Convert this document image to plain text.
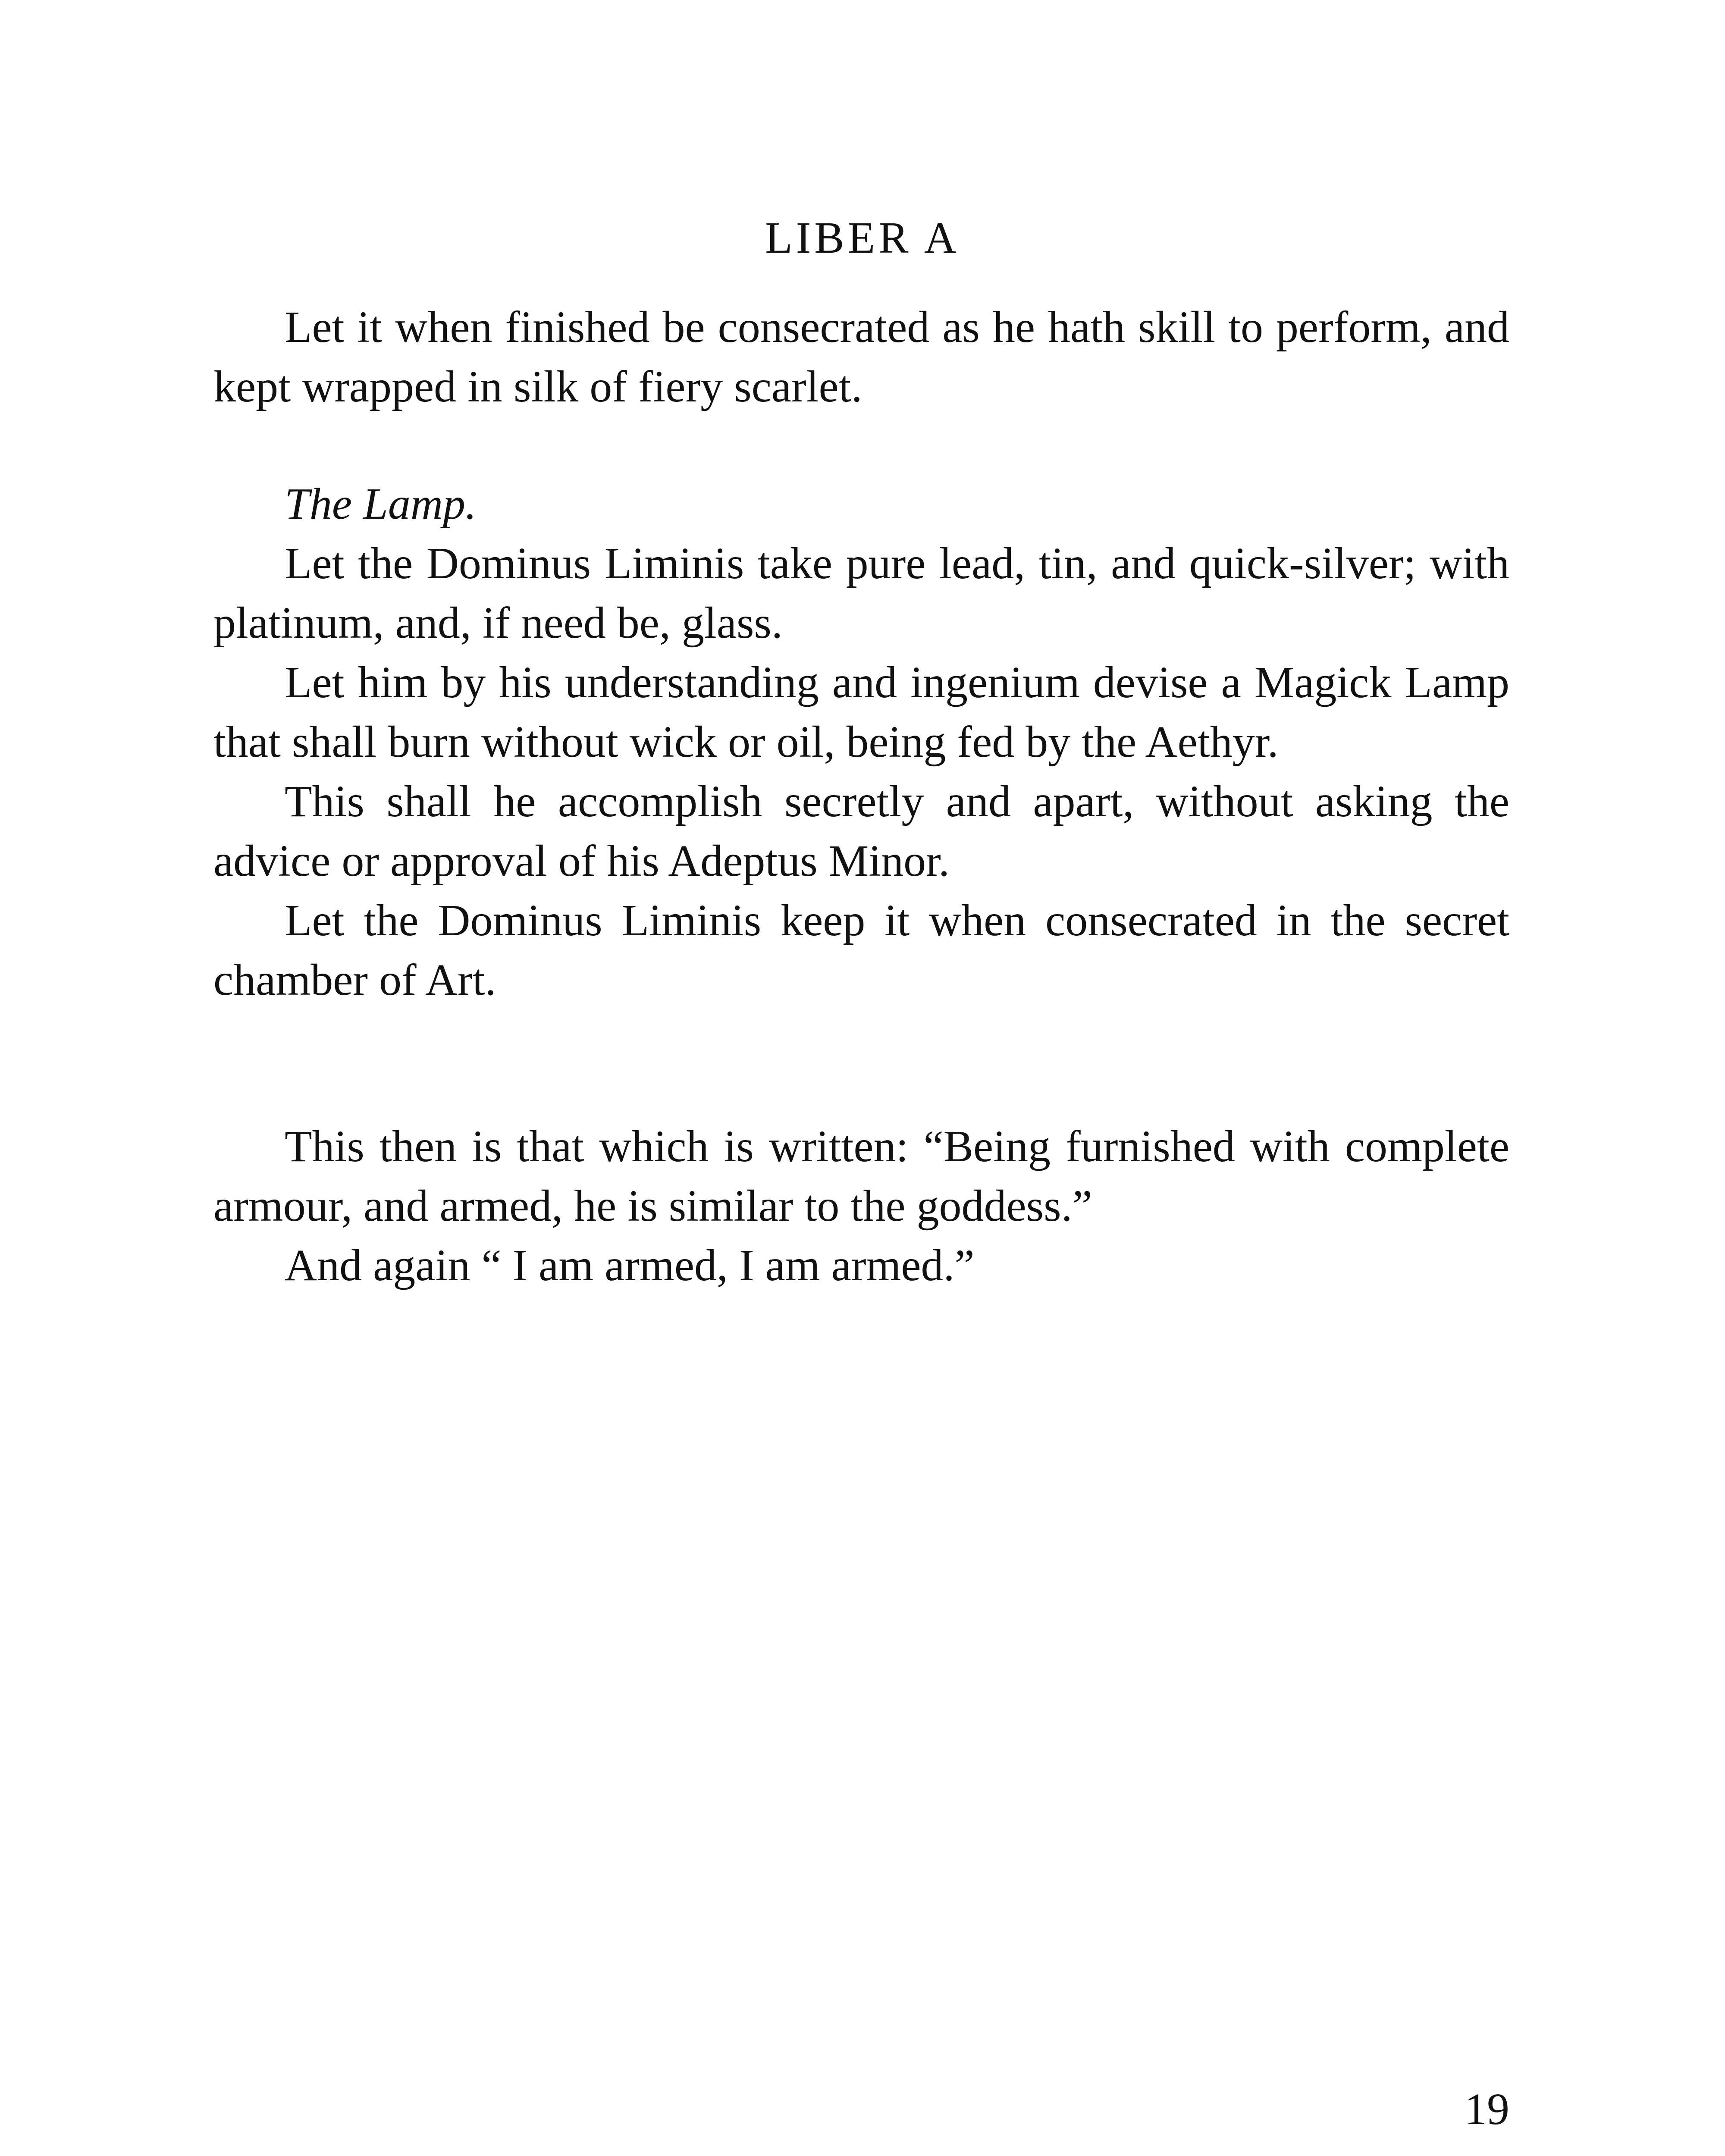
LIBER A

Let it when finished be consecrated as he hath skill to perform, and kept wrapped in silk of fiery scarlet.

The Lamp.

Let the Dominus Liminis take pure lead, tin, and quick-silver; with platinum, and, if need be, glass.

Let him by his understanding and ingenium devise a Magick Lamp that shall burn without wick or oil, being fed by the Aethyr.

This shall he accomplish secretly and apart, without asking the advice or approval of his Adeptus Minor.

Let the Dominus Liminis keep it when consecrated in the secret chamber of Art.

This then is that which is written: “Being furnished with complete armour, and armed, he is similar to the goddess.”

And again “ I am armed, I am armed.”

19
